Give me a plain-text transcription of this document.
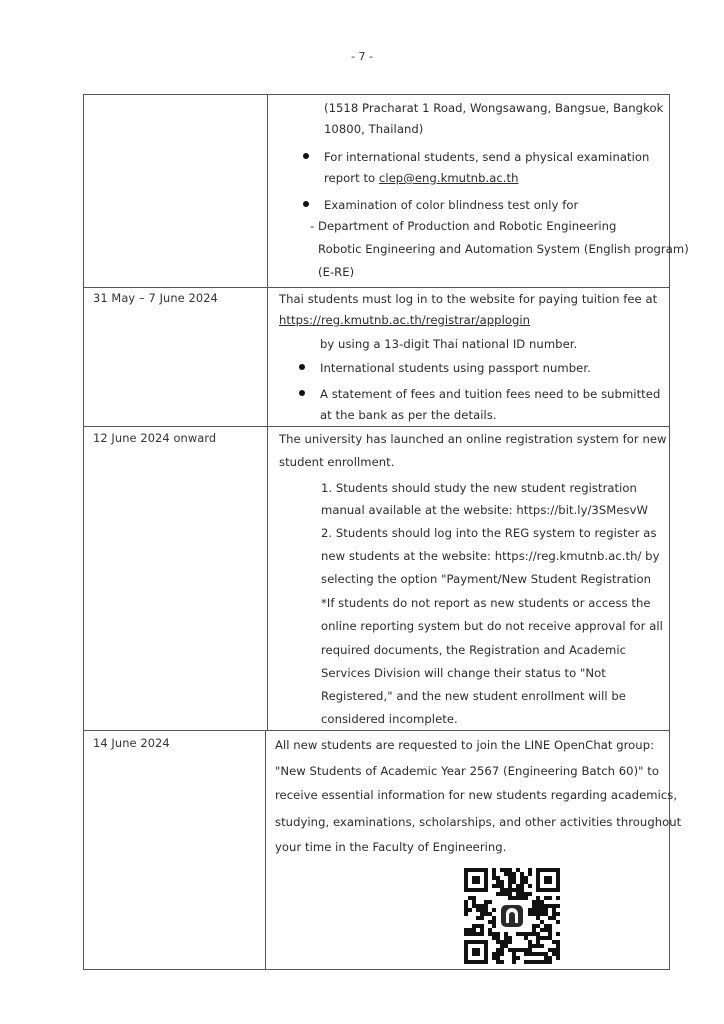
- 7 -
(1518 Pracharat 1 Road, Wongsawang, Bangsue, Bangkok
10800, Thailand)
For international students, send a physical examination
report to clep@eng.kmutnb.ac.th
Examination of color blindness test only for
- Department of Production and Robotic Engineering
Robotic Engineering and Automation System (English program)
(E-RE)
31 May – 7 June 2024	Thai students must log in to the website for paying tuition fee at
https://reg.kmutnb.ac.th/registrar/applogin
by using a 13-digit Thai national ID number.
International students using passport number.
A statement of fees and tuition fees need to be submitted
at the bank as per the details.
12 June 2024 onward	The university has launched an online registration system for new
student enrollment.
1. Students should study the new student registration
manual available at the website: https://bit.ly/3SMesvW
2. Students should log into the REG system to register as
new students at the website: https://reg.kmutnb.ac.th/ by
selecting the option "Payment/New Student Registration
*If students do not report as new students or access the
online reporting system but do not receive approval for all
required documents, the Registration and Academic
Services Division will change their status to "Not
Registered," and the new student enrollment will be
considered incomplete.
14 June 2024	All new students are requested to join the LINE OpenChat group:
"New Students of Academic Year 2567 (Engineering Batch 60)" to
receive essential information for new students regarding academics,
studying, examinations, scholarships, and other activities throughout
your time in the Faculty of Engineering.
